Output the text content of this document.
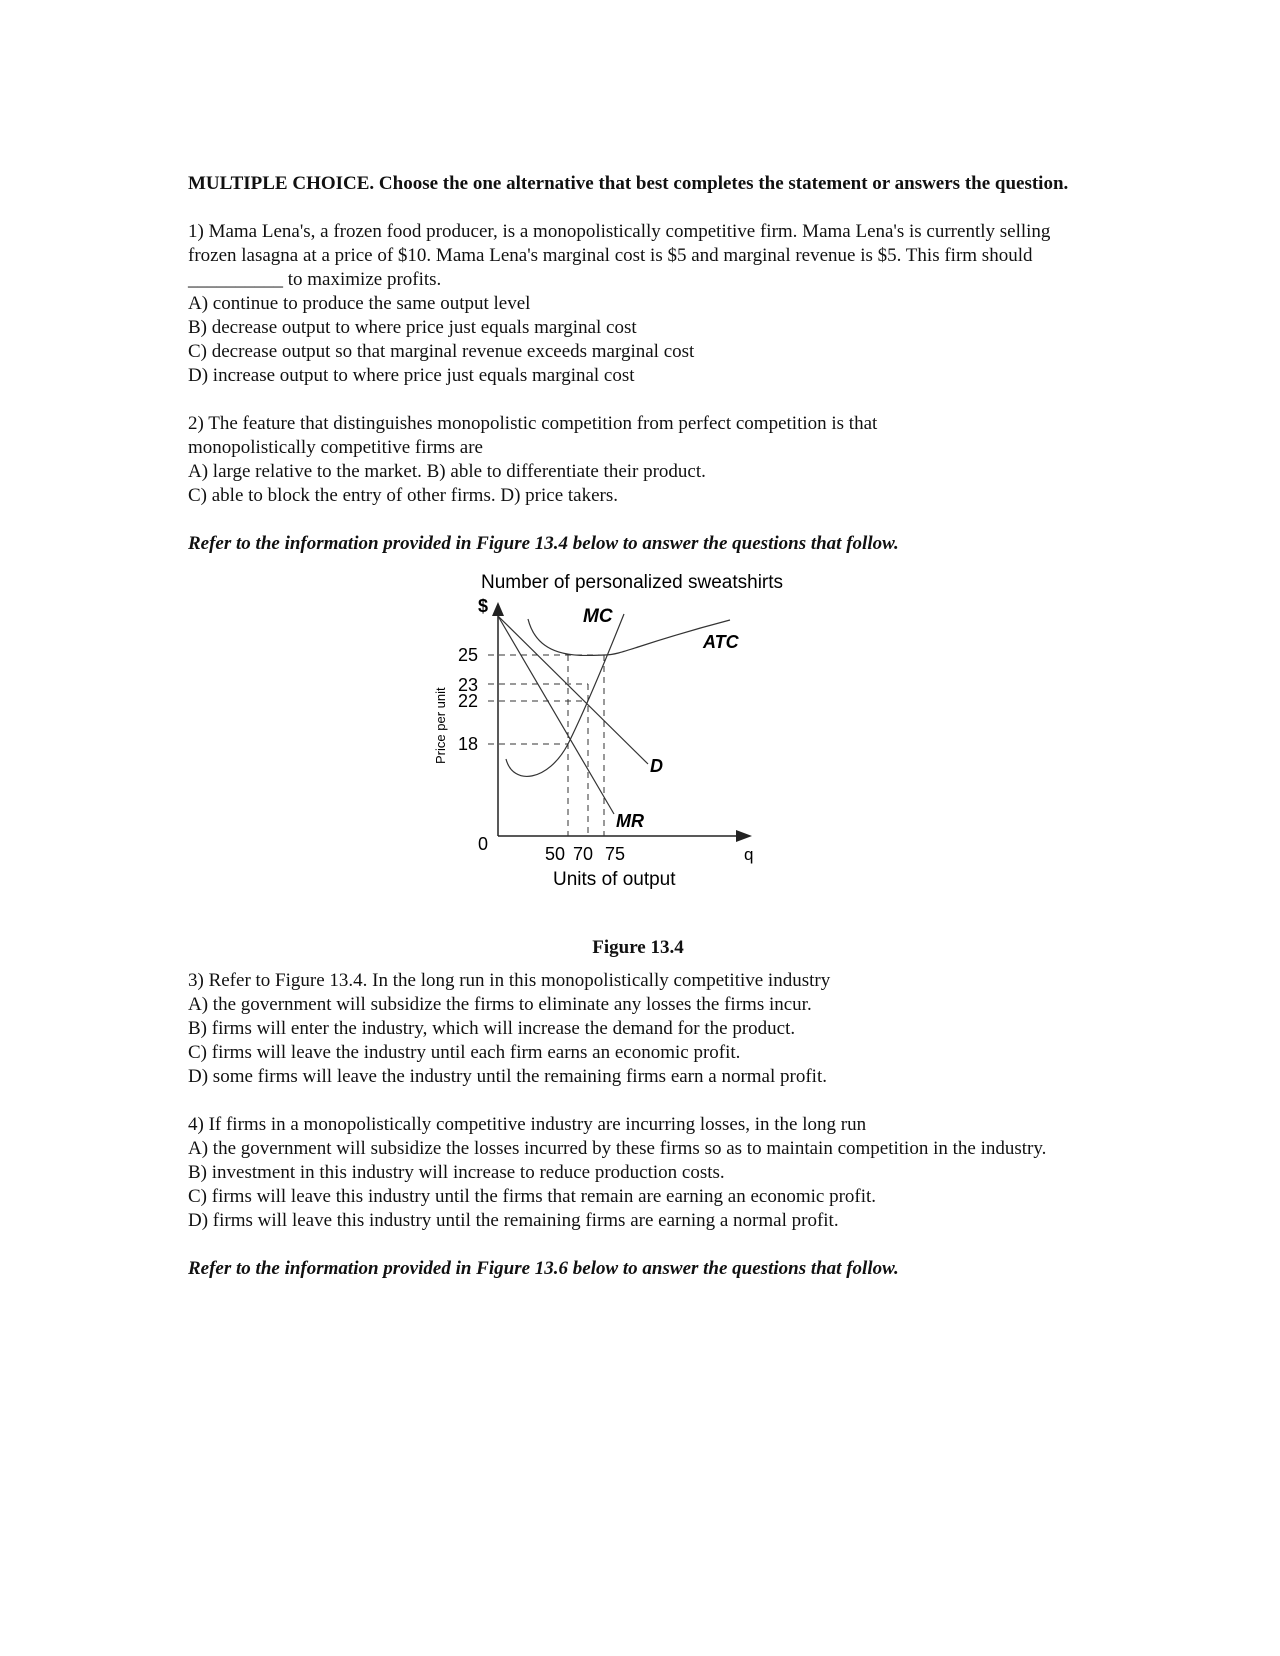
MULTIPLE CHOICE. Choose the one alternative that best completes the statement or answers the question.

1) Mama Lena's, a frozen food producer, is a monopolistically competitive firm. Mama Lena's is currently selling frozen lasagna at a price of $10. Mama Lena's marginal cost is $5 and marginal revenue is $5. This firm should __________ to maximize profits.

A) continue to produce the same output level

B) decrease output to where price just equals marginal cost

C) decrease output so that marginal revenue exceeds marginal cost

D) increase output to where price just equals marginal cost

2) The feature that distinguishes monopolistic competition from perfect competition is that monopolistically competitive firms are

A) large relative to the market. B) able to differentiate their product.

C) able to block the entry of other firms. D) price takers.

Refer to the information provided in Figure 13.4 below to answer the questions that follow.

Number of personalized sweatshirts
$
q
0
Price per unit
25
23
22
18
50 70 75
Units of output
D
MR
MC
ATC
Figure 13.4

3) Refer to Figure 13.4. In the long run in this monopolistically competitive industry

A) the government will subsidize the firms to eliminate any losses the firms incur.

B) firms will enter the industry, which will increase the demand for the product.

C) firms will leave the industry until each firm earns an economic profit.

D) some firms will leave the industry until the remaining firms earn a normal profit.

4) If firms in a monopolistically competitive industry are incurring losses, in the long run

A) the government will subsidize the losses incurred by these firms so as to maintain competition in the industry.

B) investment in this industry will increase to reduce production costs.

C) firms will leave this industry until the firms that remain are earning an economic profit.

D) firms will leave this industry until the remaining firms are earning a normal profit.

Refer to the information provided in Figure 13.6 below to answer the questions that follow.
